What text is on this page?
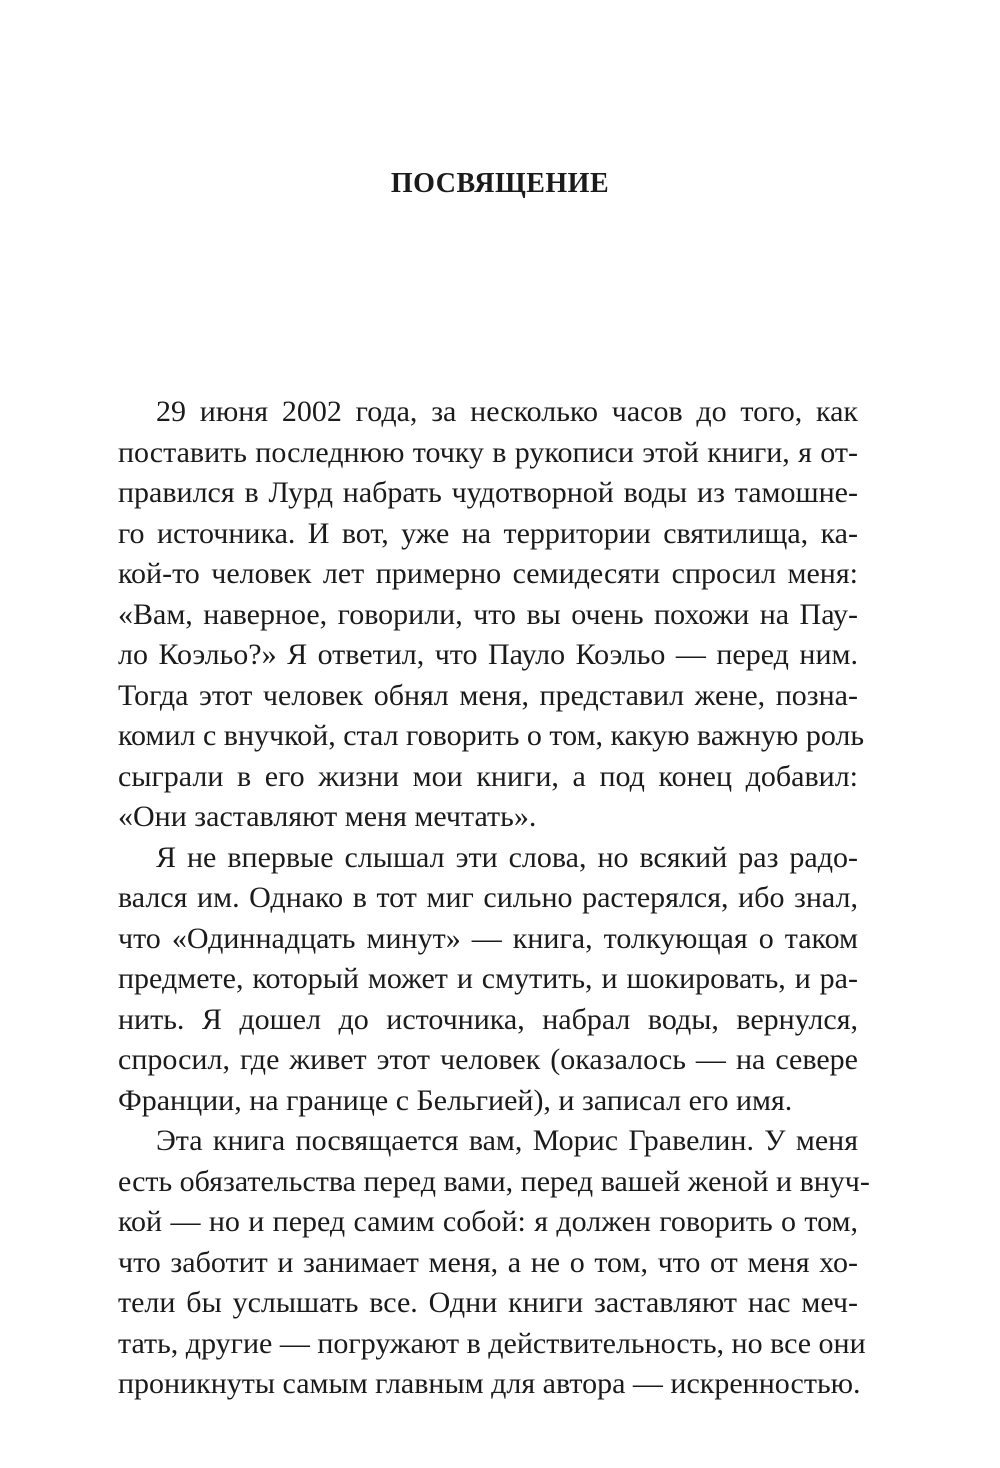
ПОСВЯЩЕНИЕ
29 июня 2002 года, за несколько часов до того, как
поставить последнюю точку в рукописи этой книги, я от-
правился в Лурд набрать чудотворной воды из тамошне-
го источника. И вот, уже на территории святилища, ка-
кой-то человек лет примерно семидесяти спросил меня:
«Вам, наверное, говорили, что вы очень похожи на Пау-
ло Коэльо?» Я ответил, что Пауло Коэльо — перед ним.
Тогда этот человек обнял меня, представил жене, позна-
комил с внучкой, стал говорить о том, какую важную роль
сыграли в его жизни мои книги, а под конец добавил:
«Они заставляют меня мечтать».
Я не впервые слышал эти слова, но всякий раз радо-
вался им. Однако в тот миг сильно растерялся, ибо знал,
что «Одиннадцать минут» — книга, толкующая о таком
предмете, который может и смутить, и шокировать, и ра-
нить. Я дошел до источника, набрал воды, вернулся,
спросил, где живет этот человек (оказалось — на севере
Франции, на границе с Бельгией), и записал его имя.
Эта книга посвящается вам, Морис Гравелин. У меня
есть обязательства перед вами, перед вашей женой и внуч-
кой — но и перед самим собой: я должен говорить о том,
что заботит и занимает меня, а не о том, что от меня хо-
тели бы услышать все. Одни книги заставляют нас меч-
тать, другие — погружают в действительность, но все они
проникнуты самым главным для автора — искренностью.
